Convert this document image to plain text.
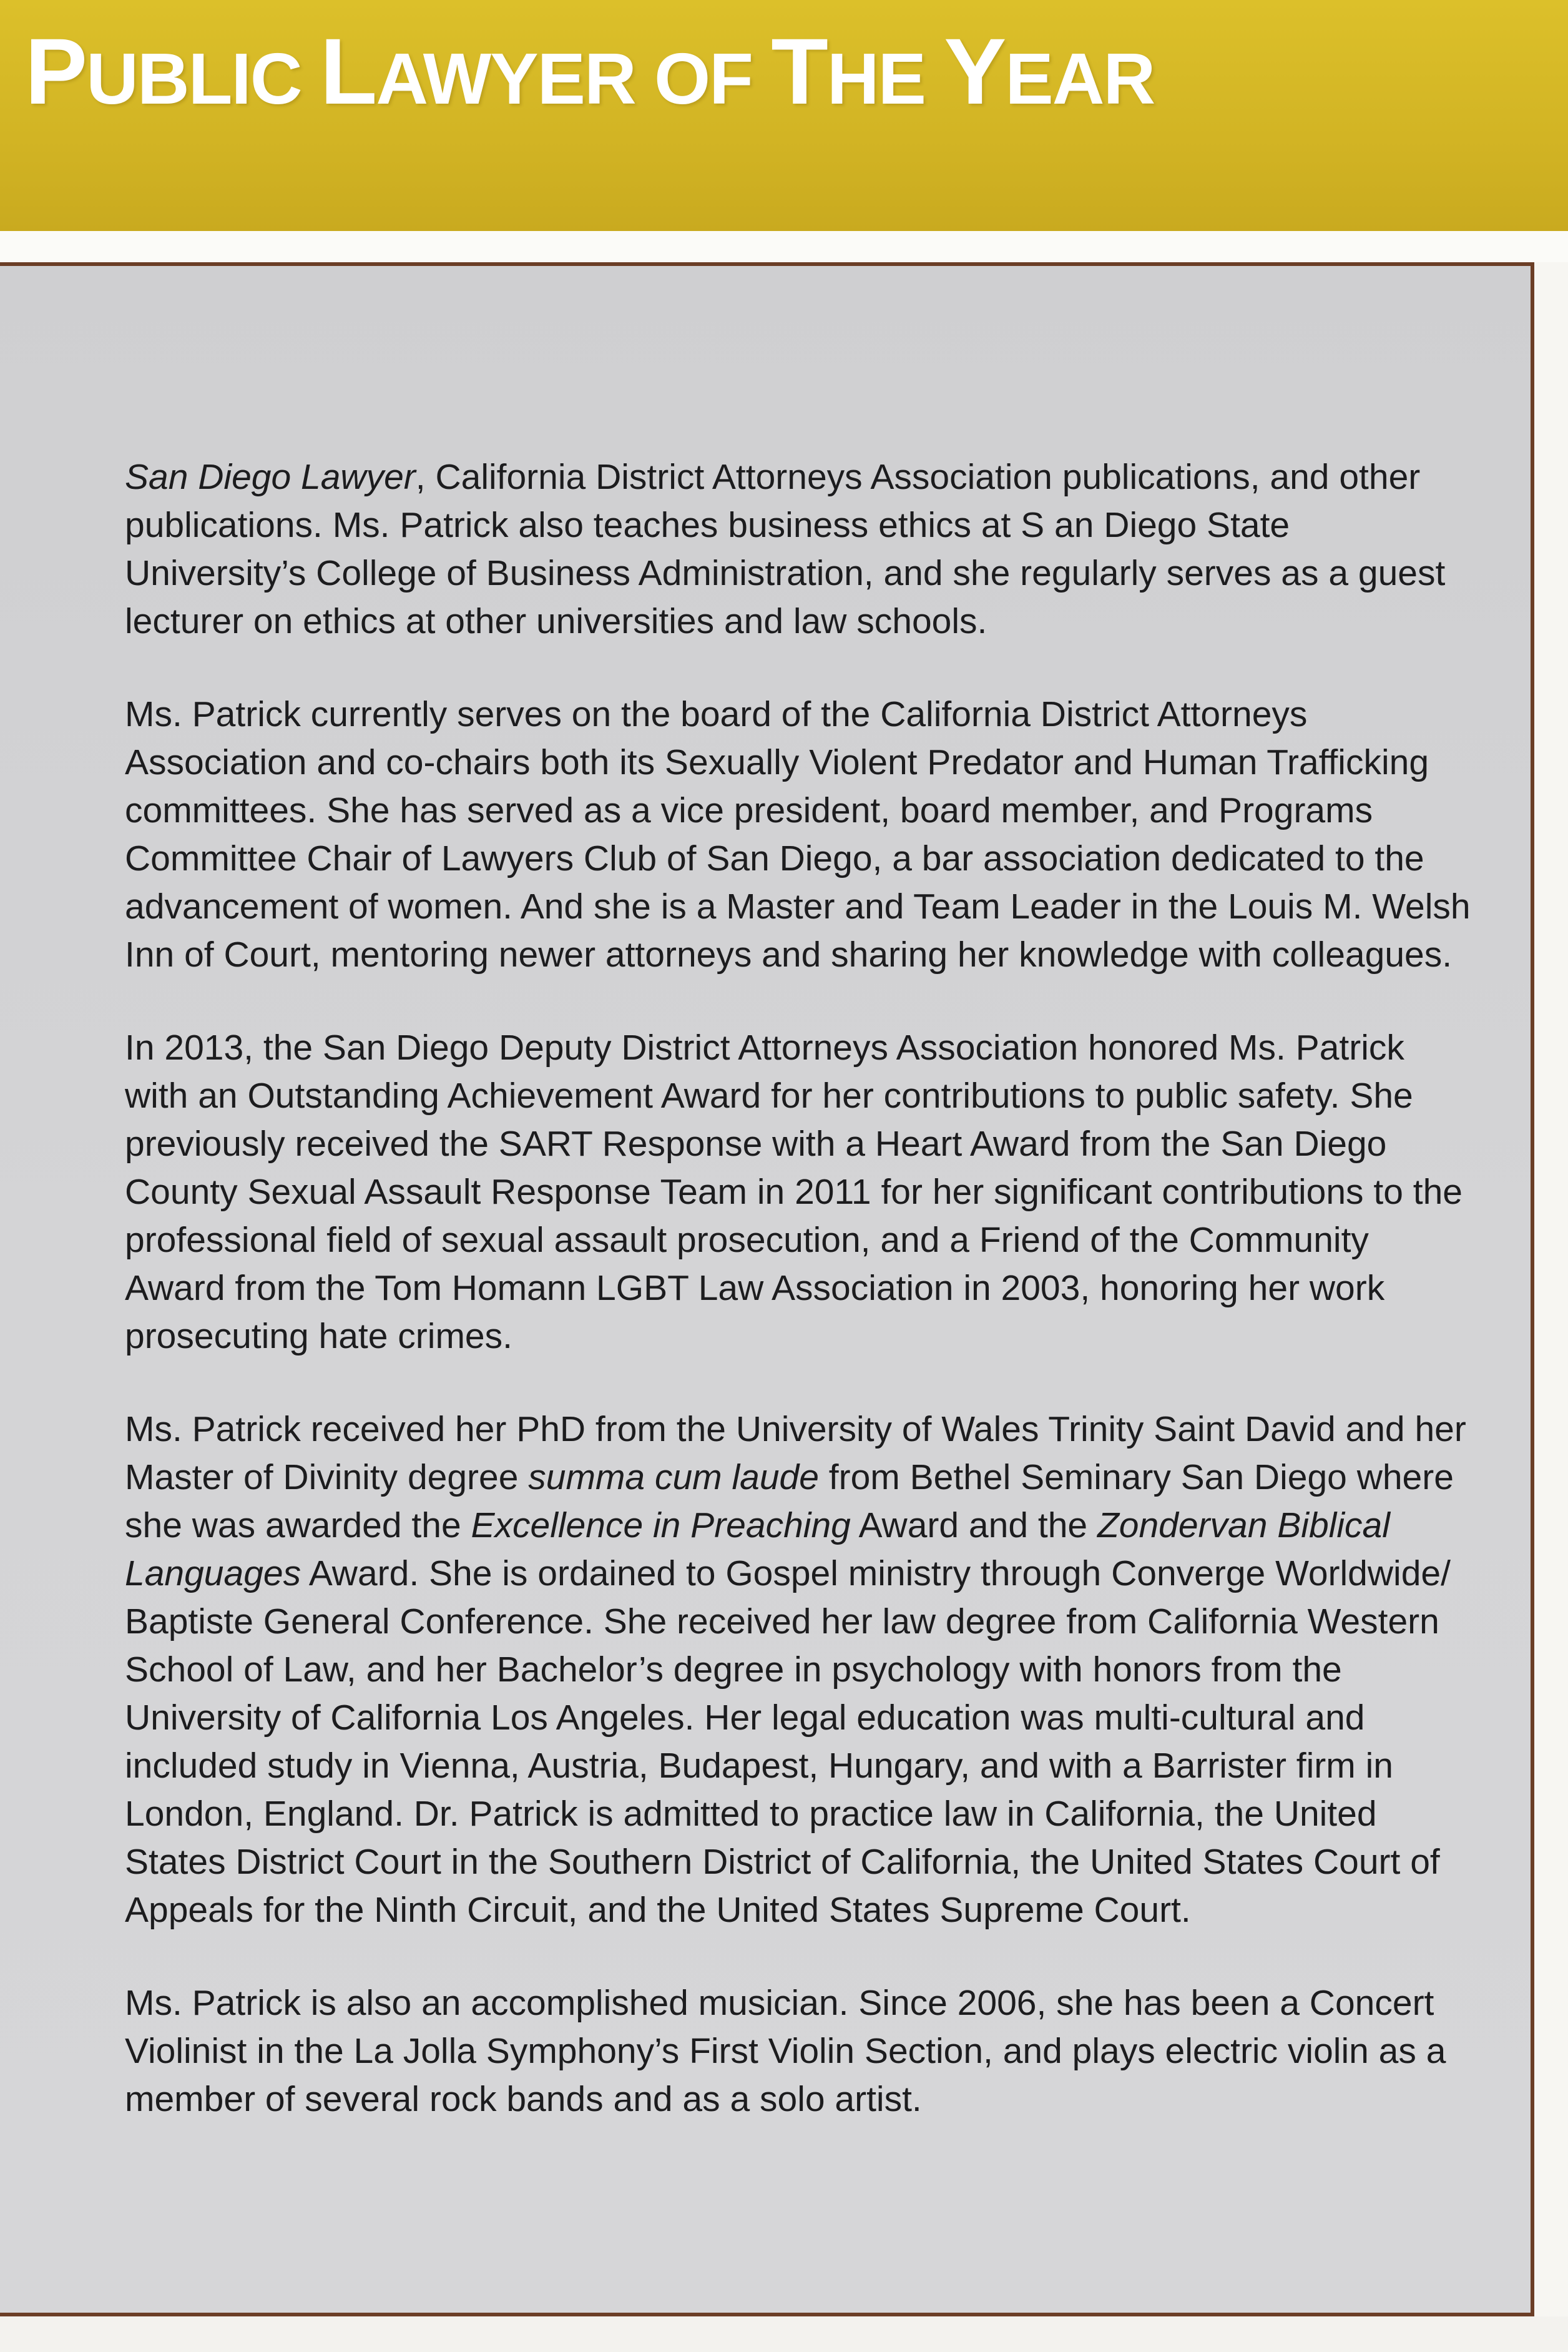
PUBLIC LAWYER OF THE YEAR

San Diego Lawyer, California District Attorneys Association publications, and other publications. Ms. Patrick also teaches business ethics at S an Diego State University’s College of Business Administration, and she regularly serves as a guest lecturer on ethics at other universities and law schools.

Ms. Patrick currently serves on the board of the California District Attorneys Association and co-chairs both its Sexually Violent Predator and Human Trafficking committees. She has served as a vice president, board member, and Programs Committee Chair of Lawyers Club of San Diego, a bar association dedicated to the advancement of women. And she is a Master and Team Leader in the Louis M. Welsh Inn of Court, mentoring newer attorneys and sharing her knowledge with colleagues.

In 2013, the San Diego Deputy District Attorneys Association honored Ms. Patrick with an Outstanding Achievement Award for her contributions to public safety. She previously received the SART Response with a Heart Award from the San Diego County Sexual Assault Response Team in 2011 for her significant contributions to the professional field of sexual assault prosecution, and a Friend of the Community Award from the Tom Homann LGBT Law Association in 2003, honoring her work prosecuting hate crimes.

Ms. Patrick received her PhD from the University of Wales Trinity Saint David and her Master of Divinity degree summa cum laude from Bethel Seminary San Diego where she was awarded the Excellence in Preaching Award and the Zondervan Biblical Languages Award. She is ordained to Gospel ministry through Converge Worldwide/ Baptiste General Conference. She received her law degree from California Western School of Law, and her Bachelor’s degree in psychology with honors from the University of California Los Angeles. Her legal education was multi-cultural and included study in Vienna, Austria, Budapest, Hungary, and with a Barrister firm in London, England. Dr. Patrick is admitted to practice law in California, the United States District Court in the Southern District of California, the United States Court of Appeals for the Ninth Circuit, and the United States Supreme Court.

Ms. Patrick is also an accomplished musician. Since 2006, she has been a Concert Violinist in the La Jolla Symphony’s First Violin Section, and plays electric violin as a member of several rock bands and as a solo artist.
